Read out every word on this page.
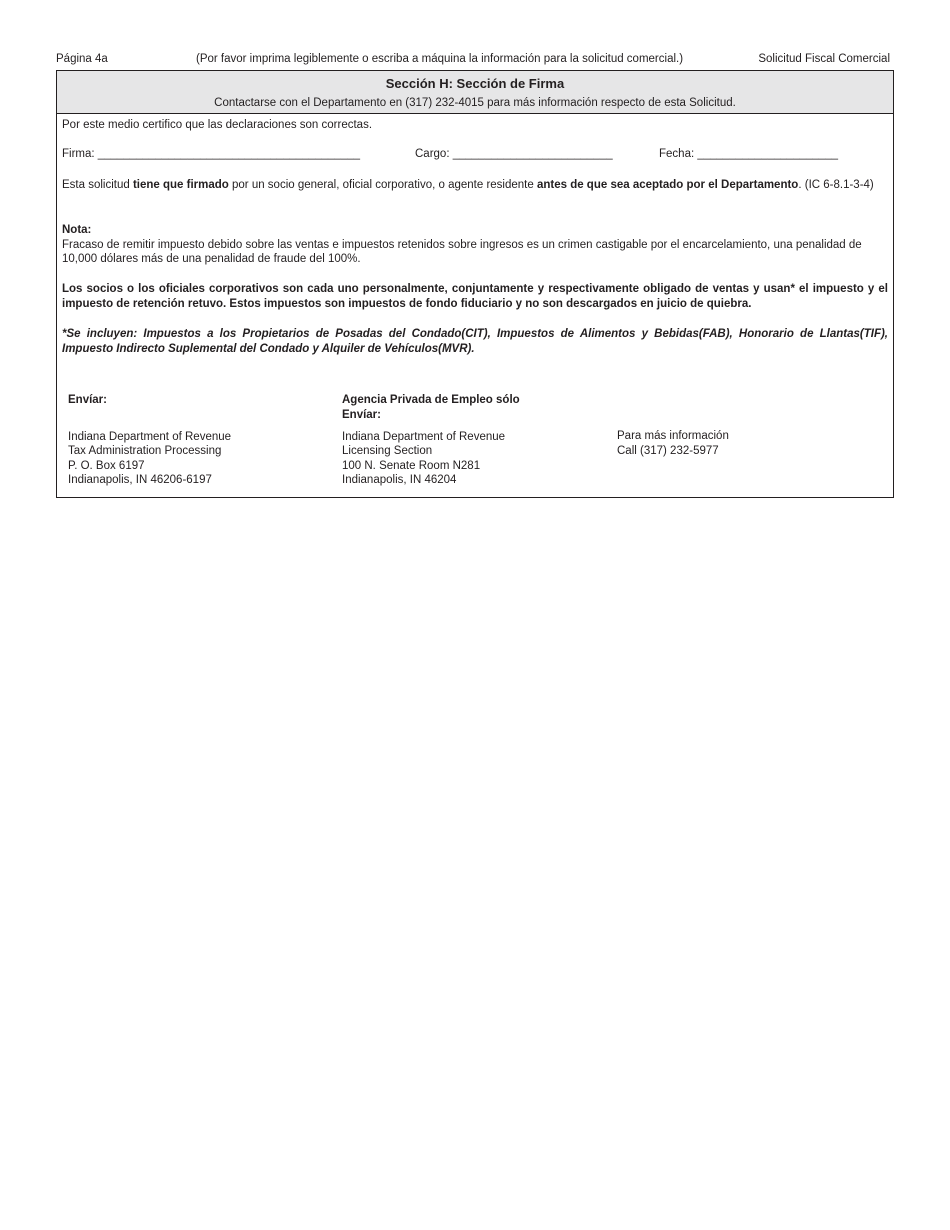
Página 4a	(Por favor imprima legiblemente o escriba a máquina la información para la solicitud comercial.)	Solicitud Fiscal Comercial
Sección H: Sección de Firma
Contactarse con el Departamento en (317) 232-4015 para más información respecto de esta Solicitud.
Por este medio certifico que las declaraciones son correctas.
Firma: _________________________________________	Cargo: _________________________	Fecha: ______________________
Esta solicitud tiene que firmado por un socio general, oficial corporativo, o agente residente antes de que sea aceptado por el Departamento. (IC 6-8.1-3-4)
Nota:
Fracaso de remitir impuesto debido sobre las ventas e impuestos retenidos sobre ingresos es un crimen castigable por el encarcelamiento, una penalidad de 10,000 dólares más de una penalidad de fraude del 100%.
Los socios o los oficiales corporativos son cada uno personalmente, conjuntamente y respectivamente obligado de ventas y usan* el impuesto y el impuesto de retención retuvo. Estos impuestos son impuestos de fondo fiduciario y no son descargados en juicio de quiebra.
*Se incluyen: Impuestos a los Propietarios de Posadas del Condado(CIT), Impuestos de Alimentos y Bebidas(FAB), Honorario de Llantas(TIF), Impuesto Indirecto Suplemental del Condado y Alquiler de Vehículos(MVR).
Envíar:
Indiana Department of Revenue
Tax Administration Processing
P. O. Box 6197
Indianapolis, IN 46206-6197
Agencia Privada de Empleo sólo
Envíar:
Indiana Department of Revenue
Licensing Section
100 N. Senate Room N281
Indianapolis, IN 46204
Para más información
Call (317) 232-5977
